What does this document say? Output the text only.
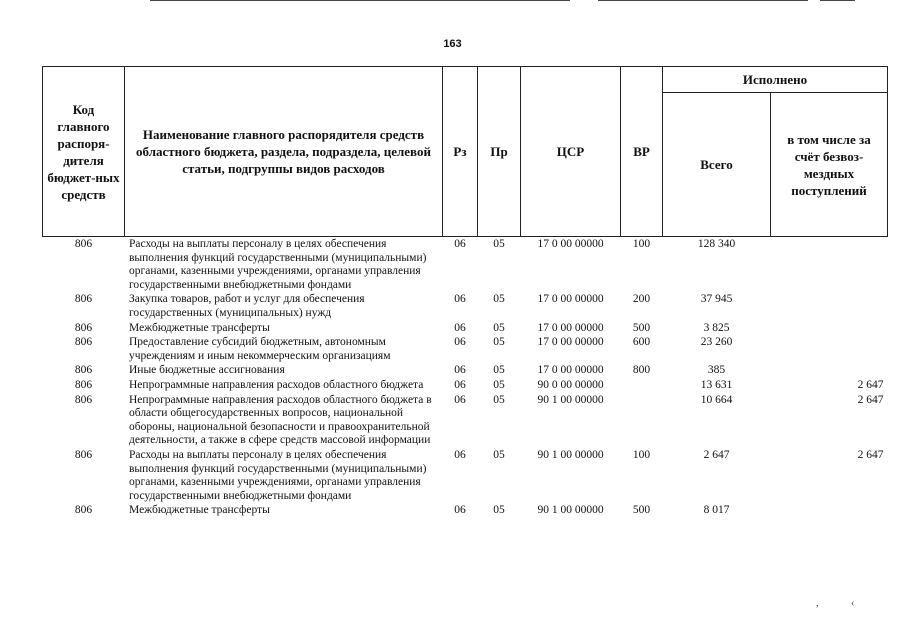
163
Код главного распоря-дителя бюджет-ных средств	Наименование главного распорядителя средств областного бюджета, раздела, подраздела, целевой статьи, подгруппы видов расходов	Рз	Пр	ЦСР	ВР	Исполнено	
						Всего	в том числе за счёт безвоз-мездных поступлений
806	Расходы на выплаты персоналу в целях обеспечения выполнения функций государственными (муниципальными) органами, казенными учреждениями, органами управления государственными внебюджетными фондами	06	05	17 0 00 00000	100	128 340	
806	Закупка товаров, работ и услуг для обеспечения государственных (муниципальных) нужд	06	05	17 0 00 00000	200	37 945	
806	Межбюджетные трансферты	06	05	17 0 00 00000	500	3 825	
806	Предоставление субсидий бюджетным, автономным учреждениям и иным некоммерческим организациям	06	05	17 0 00 00000	600	23 260	
806	Иные бюджетные ассигнования	06	05	17 0 00 00000	800	385	
806	Непрограммные направления расходов областного бюджета	06	05	90 0 00 00000		13 631	2 647
806	Непрограммные направления расходов областного бюджета в области общегосударственных вопросов, национальной обороны, национальной безопасности и правоохранительной деятельности, а также в сфере средств массовой информации	06	05	90 1 00 00000		10 664	2 647
806	Расходы на выплаты персоналу в целях обеспечения выполнения функций государственными (муниципальными) органами, казенными учреждениями, органами управления государственными внебюджетными фондами	06	05	90 1 00 00000	100	2 647	2 647
806	Межбюджетные трансферты	06	05	90 1 00 00000	500	8 017	
,	‹
